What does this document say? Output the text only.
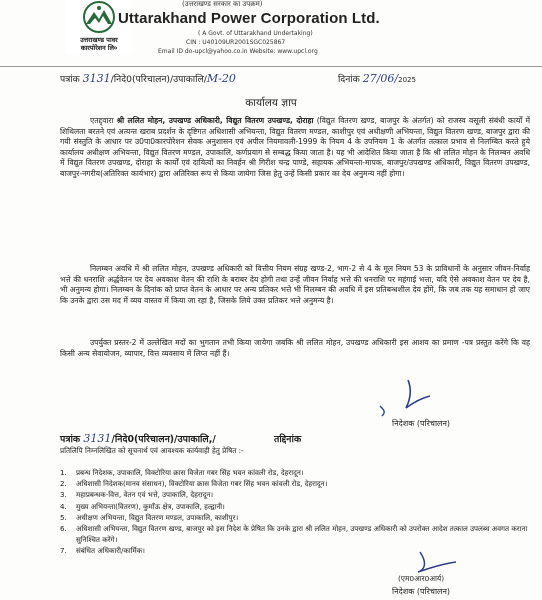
उत्तराखण्ड पावर
कारपोरेशन लि०
(उत्तराखण्ड सरकार का उपक्रम)
Uttarakhand Power Corporation Ltd.
( A Govt. of Uttarakhand Undertaking)
CIN : U40109UR2001SGC025867
Email ID do-upcl@yahoo.co.in Website: www.upcl.org
पत्रांक 3131/निदे0(परिचालन)/उपाकालि/M-20	दिनांक 27/06/2025
कार्यालय ज्ञाप
एतद्द्वारा श्री ललित मोहन, उपखण्ड अधिकारी, विद्युत वितरण उपखण्ड, दोराहा (विद्युत वितरण खण्ड, बाजपुर के अंतर्गत) को राजस्व वसूली संबंधी कार्यों में शिथिलता बरतने एवं अत्यन्त खराब प्रदर्शन के दृष्टिगत अधिशासी अभियन्ता, विद्युत वितरण मण्डल, काशीपुर एवं अधीक्षणी अभियन्ता, विद्युत वितरण खण्ड, बाजपुर द्वारा की गयी संस्तुति के आधार पर उ0पा0कारपोरेशन सेवक अनुशासन एवं अपील नियमावली-1999 के नियम 4 के उपनियम 1 के अंतर्गत तत्काल प्रभाव से निलम्बित करते हुये कार्यालय अधीक्षण अभियन्ता, विद्युत वितरण मण्डल, उपाकालि, कर्णप्रयाग से सम्बद्ध किया जाता है। यह भी आदेशित किया जाता है कि श्री ललित मोहन के निलम्बन अवधि में विद्युत वितरण उपखण्ड, दोराहा के कार्यों एवं दायित्वों का निवर्हन श्री गिरीश चन्द्र पाण्डे, सहायक अभियन्ता-मापक, बाजपुर/उपखण्ड अधिकारी, विद्युत वितरण उपखण्ड, बाजपुर-नगरीय(अतिरिक्त कार्यभार) द्वारा अतिरिक्त रूप से किया जायेगा जिस हेतु उन्हें किसी प्रकार का देय अनुमन्य नहीं होगा।
निलम्बन अवधि में श्री ललित मोहन, उपखण्ड अधिकारी को वित्तीय नियम संग्रह खण्ड-2, भाग-2 से 4 के मूल नियम 53 के प्राविधानों के अनुसार जीवन-निर्वाह भत्ते की धनराशि अर्द्धवेतन पर देय अवकाश वेतन की राशि के बराबर देय होगी तथा उन्हें जीवन निर्वाह भत्ते की धनराशि पर महंगाई भत्ता, यदि ऐसे अवकाश वेतन पर देय है, भी अनुमन्य होगा। निलम्बन के दिनांक को प्राप्त वेतन के आधार पर अन्य प्रतिकर भत्ते भी निलम्बन की अवधि में इस प्रतिबन्धशील देय होंगे, कि जब तक यह समाधान हो जाए कि उनके द्वारा उस मद में व्यय वास्तव में किया जा रहा है, जिसके लिये उक्त प्रतिकर भत्ते अनुमन्य है।
उपर्युक्त प्रस्तर-2 में उल्लेखित मदों का भुगतान तभी किया जायेगा जबकि श्री ललित मोहन, उपखण्ड अधिकारी इस आशय का प्रमाण -पत्र प्रस्तुत करेंगे कि वह किसी अन्य सेवायोजन, व्यापार, वित्त व्यवसाय में लिप्त नहीं हैं।
निदेशक (परिचालन)
पत्रांक 3131/निदे0(परिचालन)/उपाकालि,/	तद्दिनांक
प्रतिलिपि निम्नलिखित को सूचनार्थ एवं आवश्यक कार्यवाही हेतु प्रेषित :-
1.	प्रबन्ध निदेशक, उपाकालि, विक्टोरिया क्रास विजेता गबर सिंह भवन कांवली रोड, देहरादून।
2.	अधिशासी निदेशक(मानव संसाधन), विक्टोरिया क्रास विजेता गबर सिंह भवन कांवली रोड, देहरादून।
3.	महाप्रबन्धक-वित्त, वेतन एवं भत्ते, उपाकालि, देहरादून।
4.	मुख्य अभियन्ता(वितरण), कुमाँऊ क्षेत्र, उपाकालि, हल्द्वानी।
5.	अधीक्षण अभियन्ता, विद्युत वितरण मण्डल, उपाकालि, काशीपुर।
6.	अधिशासी अभियन्ता, विद्युत वितरण खण्ड, बाजपुर को इस निदेश के प्रेषित कि उनके द्वारा श्री ललित मोहन, उपखण्ड अधिकारी को उपरोक्त आदेश तत्काल उपलब्ध अवगत कराना सुनिश्चित करेंगे।
7.	संबंधित अधिकारी/कार्मिक।
(एम0आर0आर्य)
निदेशक (परिचालन)
